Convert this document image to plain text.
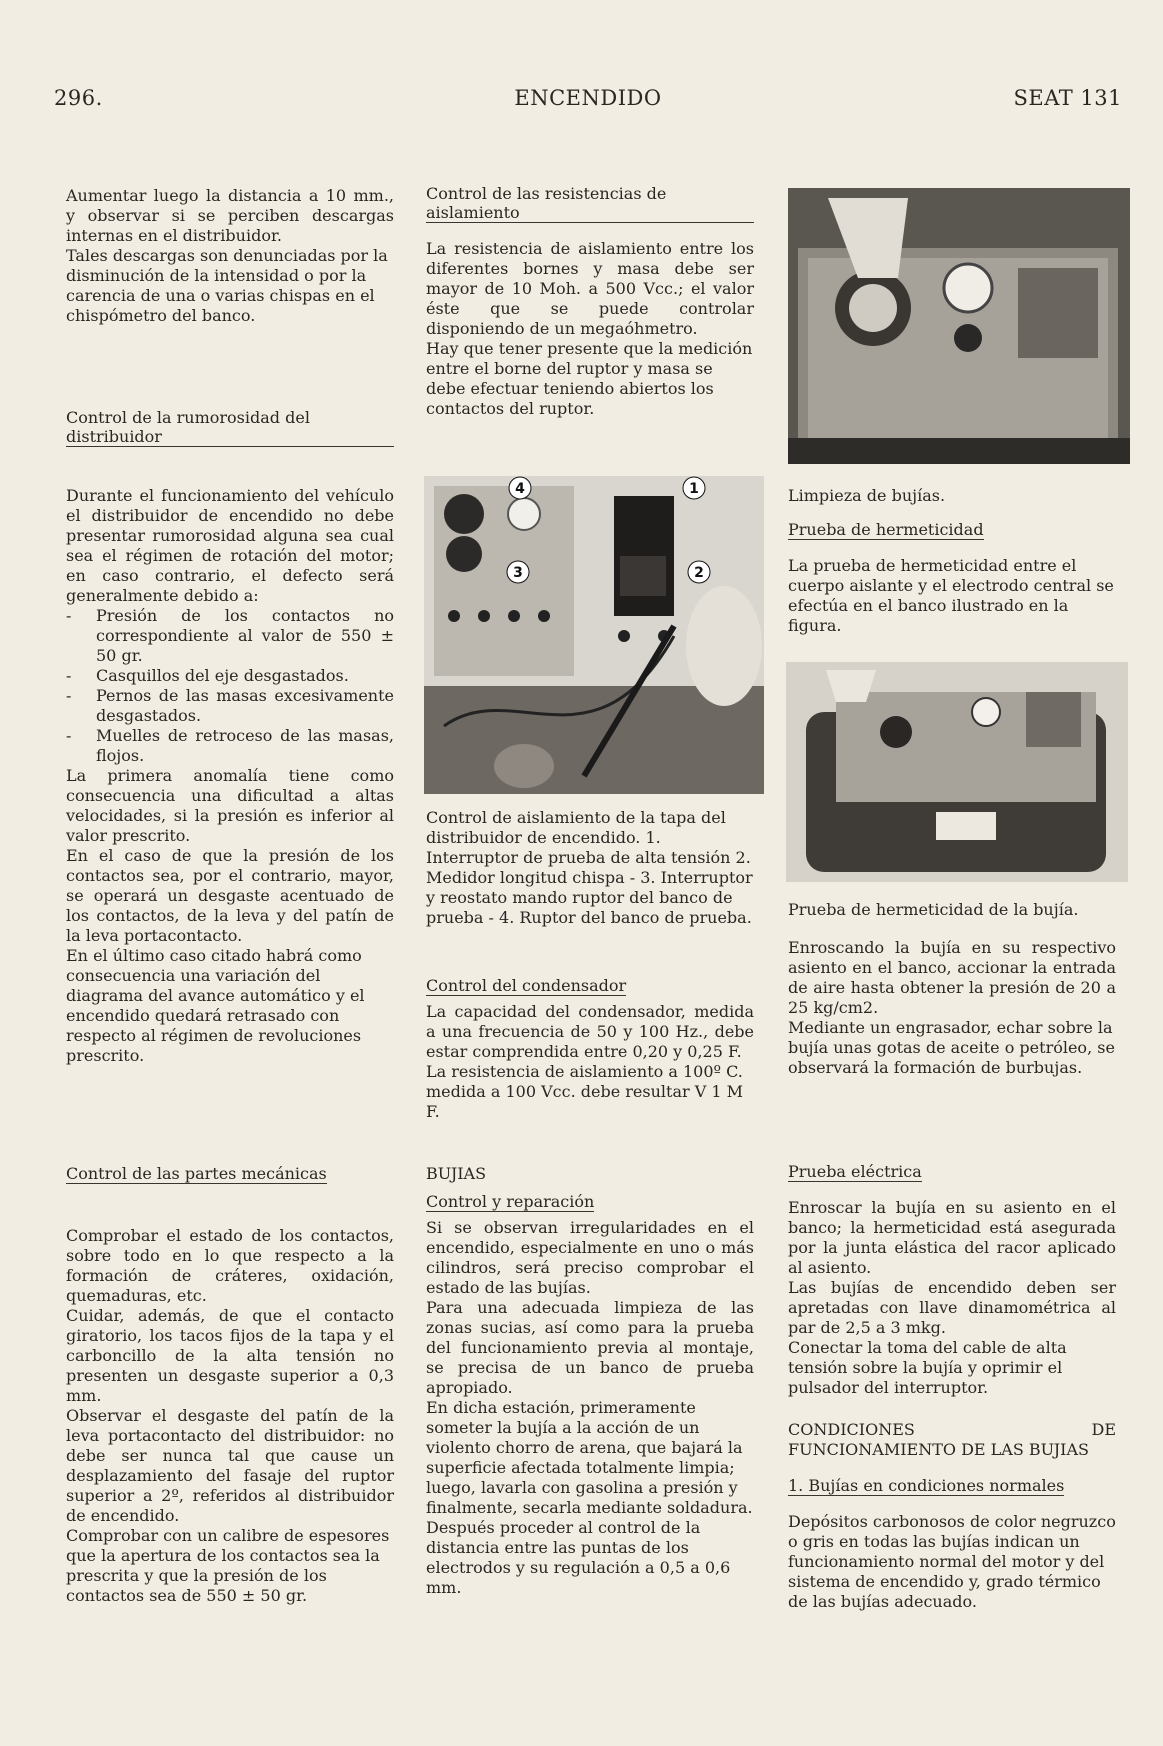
296.	ENCENDIDO	SEAT 131

Aumentar luego la distancia a 10 mm., y observar si se perciben descargas internas en el distribuidor.

Tales descargas son denunciadas por la disminución de la intensidad o por la carencia de una o varias chispas en el chispómetro del banco.

Control de la rumorosidad del distribuidor

Durante el funcionamiento del vehículo el distribuidor de encendido no debe presentar rumorosidad alguna sea cual sea el régimen de rotación del motor; en caso contrario, el defecto será generalmente debido a:

- Presión de los contactos no correspondiente al valor de 550 ± 50 gr.
- Casquillos del eje desgastados.
- Pernos de las masas excesivamente desgastados.
- Muelles de retroceso de las masas, flojos.

La primera anomalía tiene como consecuencia una dificultad a altas velocidades, si la presión es inferior al valor prescrito.

En el caso de que la presión de los contactos sea, por el contrario, mayor, se operará un desgaste acentuado de los contactos, de la leva y del patín de la leva portacontacto.

En el último caso citado habrá como consecuencia una variación del diagrama del avance automático y el encendido quedará retrasado con respecto al régimen de revoluciones prescrito.

Control de las partes mecánicas

Comprobar el estado de los contactos, sobre todo en lo que respecto a la formación de cráteres, oxidación, quemaduras, etc.

Cuidar, además, de que el contacto giratorio, los tacos fijos de la tapa y el carboncillo de la alta tensión no presenten un desgaste superior a 0,3 mm.

Observar el desgaste del patín de la leva portacontacto del distribuidor: no debe ser nunca tal que cause un desplazamiento del fasaje del ruptor superior a 2º, referidos al distribuidor de encendido.

Comprobar con un calibre de espesores que la apertura de los contactos sea la prescrita y que la presión de los contactos sea de 550 ± 50 gr.

Control de las resistencias de aislamiento

La resistencia de aislamiento entre los diferentes bornes y masa debe ser mayor de 10 Moh. a 500 Vcc.; el valor éste que se puede controlar disponiendo de un megaóhmetro.

Hay que tener presente que la medición entre el borne del ruptor y masa se debe efectuar teniendo abiertos los contactos del ruptor.

4	1
3	2

Control de aislamiento de la tapa del distribuidor de encendido. 1. Interruptor de prueba de alta tensión 2. Medidor longitud chispa - 3. Interruptor y reostato mando ruptor del banco de prueba - 4. Ruptor del banco de prueba.

Control del condensador

La capacidad del condensador, medida a una frecuencia de 50 y 100 Hz., debe estar comprendida entre 0,20 y 0,25 F.

La resistencia de aislamiento a 100º C. medida a 100 Vcc. debe resultar V 1 M F.

BUJIAS

Control y reparación

Si se observan irregularidades en el encendido, especialmente en uno o más cilindros, será preciso comprobar el estado de las bujías.

Para una adecuada limpieza de las zonas sucias, así como para la prueba del funcionamiento previa al montaje, se precisa de un banco de prueba apropiado.

En dicha estación, primeramente someter la bujía a la acción de un violento chorro de arena, que bajará la superficie afectada totalmente limpia; luego, lavarla con gasolina a presión y finalmente, secarla mediante soldadura. Después proceder al control de la distancia entre las puntas de los electrodos y su regulación a 0,5 a 0,6 mm.

Limpieza de bujías.

Prueba de hermeticidad

La prueba de hermeticidad entre el cuerpo aislante y el electrodo central se efectúa en el banco ilustrado en la figura.

Prueba de hermeticidad de la bujía.

Enroscando la bujía en su respectivo asiento en el banco, accionar la entrada de aire hasta obtener la presión de 20 a 25 kg/cm2.

Mediante un engrasador, echar sobre la bujía unas gotas de aceite o petróleo, se observará la formación de burbujas.

Prueba eléctrica

Enroscar la bujía en su asiento en el banco; la hermeticidad está asegurada por la junta elástica del racor aplicado al asiento.

Las bujías de encendido deben ser apretadas con llave dinamométrica al par de 2,5 a 3 mkg.

Conectar la toma del cable de alta tensión sobre la bujía y oprimir el pulsador del interruptor.

CONDICIONES DE FUNCIONAMIENTO DE LAS BUJIAS

1. Bujías en condiciones normales

Depósitos carbonosos de color negruzco o gris en todas las bujías indican un funcionamiento normal del motor y del sistema de encendido y, grado térmico de las bujías adecuado.
